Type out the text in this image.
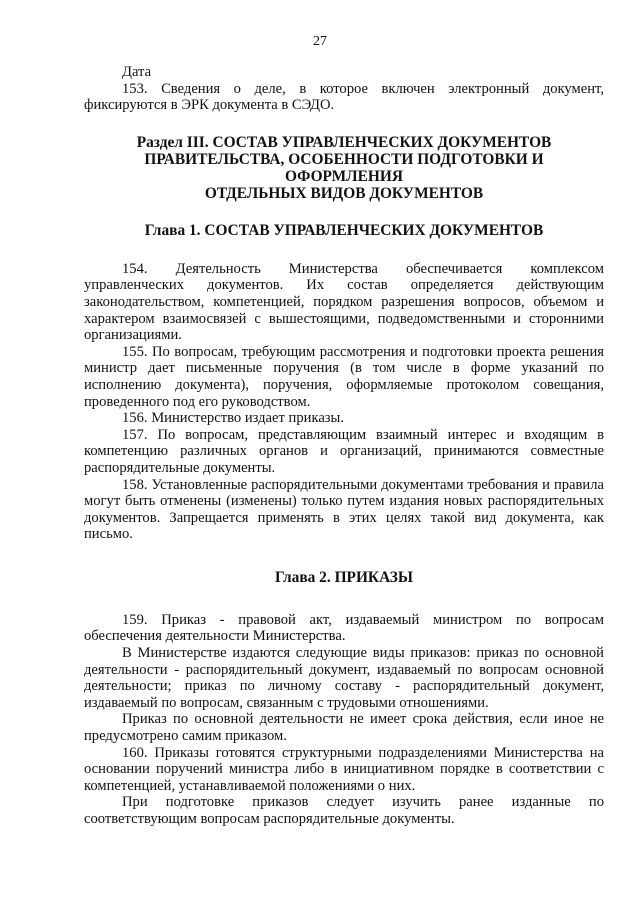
27

Дата

153. Сведения о деле, в которое включен электронный документ, фиксируются в ЭРК документа в СЭДО.

Раздел III. СОСТАВ УПРАВЛЕНЧЕСКИХ ДОКУМЕНТОВ
ПРАВИТЕЛЬСТВА, ОСОБЕННОСТИ ПОДГОТОВКИ И ОФОРМЛЕНИЯ
ОТДЕЛЬНЫХ ВИДОВ ДОКУМЕНТОВ
Глава 1. СОСТАВ УПРАВЛЕНЧЕСКИХ ДОКУМЕНТОВ

154. Деятельность Министерства обеспечивается комплексом управленческих документов. Их состав определяется действующим законодательством, компетенцией, порядком разрешения вопросов, объемом и характером взаимосвязей с вышестоящими, подведомственными и сторонними организациями.

155. По вопросам, требующим рассмотрения и подготовки проекта решения министр дает письменные поручения (в том числе в форме указаний по исполнению документа), поручения, оформляемые протоколом совещания, проведенного под его руководством.

156. Министерство издает приказы.

157. По вопросам, представляющим взаимный интерес и входящим в компетенцию различных органов и организаций, принимаются совместные распорядительные документы.

158. Установленные распорядительными документами требования и правила могут быть отменены (изменены) только путем издания новых распорядительных документов. Запрещается применять в этих целях такой вид документа, как письмо.

Глава 2. ПРИКАЗЫ

159. Приказ - правовой акт, издаваемый министром по вопросам обеспечения деятельности Министерства.

В Министерстве издаются следующие виды приказов: приказ по основной деятельности - распорядительный документ, издаваемый по вопросам основной деятельности; приказ по личному составу - распорядительный документ, издаваемый по вопросам, связанным с трудовыми отношениями.

Приказ по основной деятельности не имеет срока действия, если иное не предусмотрено самим приказом.

160. Приказы готовятся структурными подразделениями Министерства на основании поручений министра либо в инициативном порядке в соответствии с компетенцией, устанавливаемой положениями о них.

При подготовке приказов следует изучить ранее изданные по соответствующим вопросам распорядительные документы.
